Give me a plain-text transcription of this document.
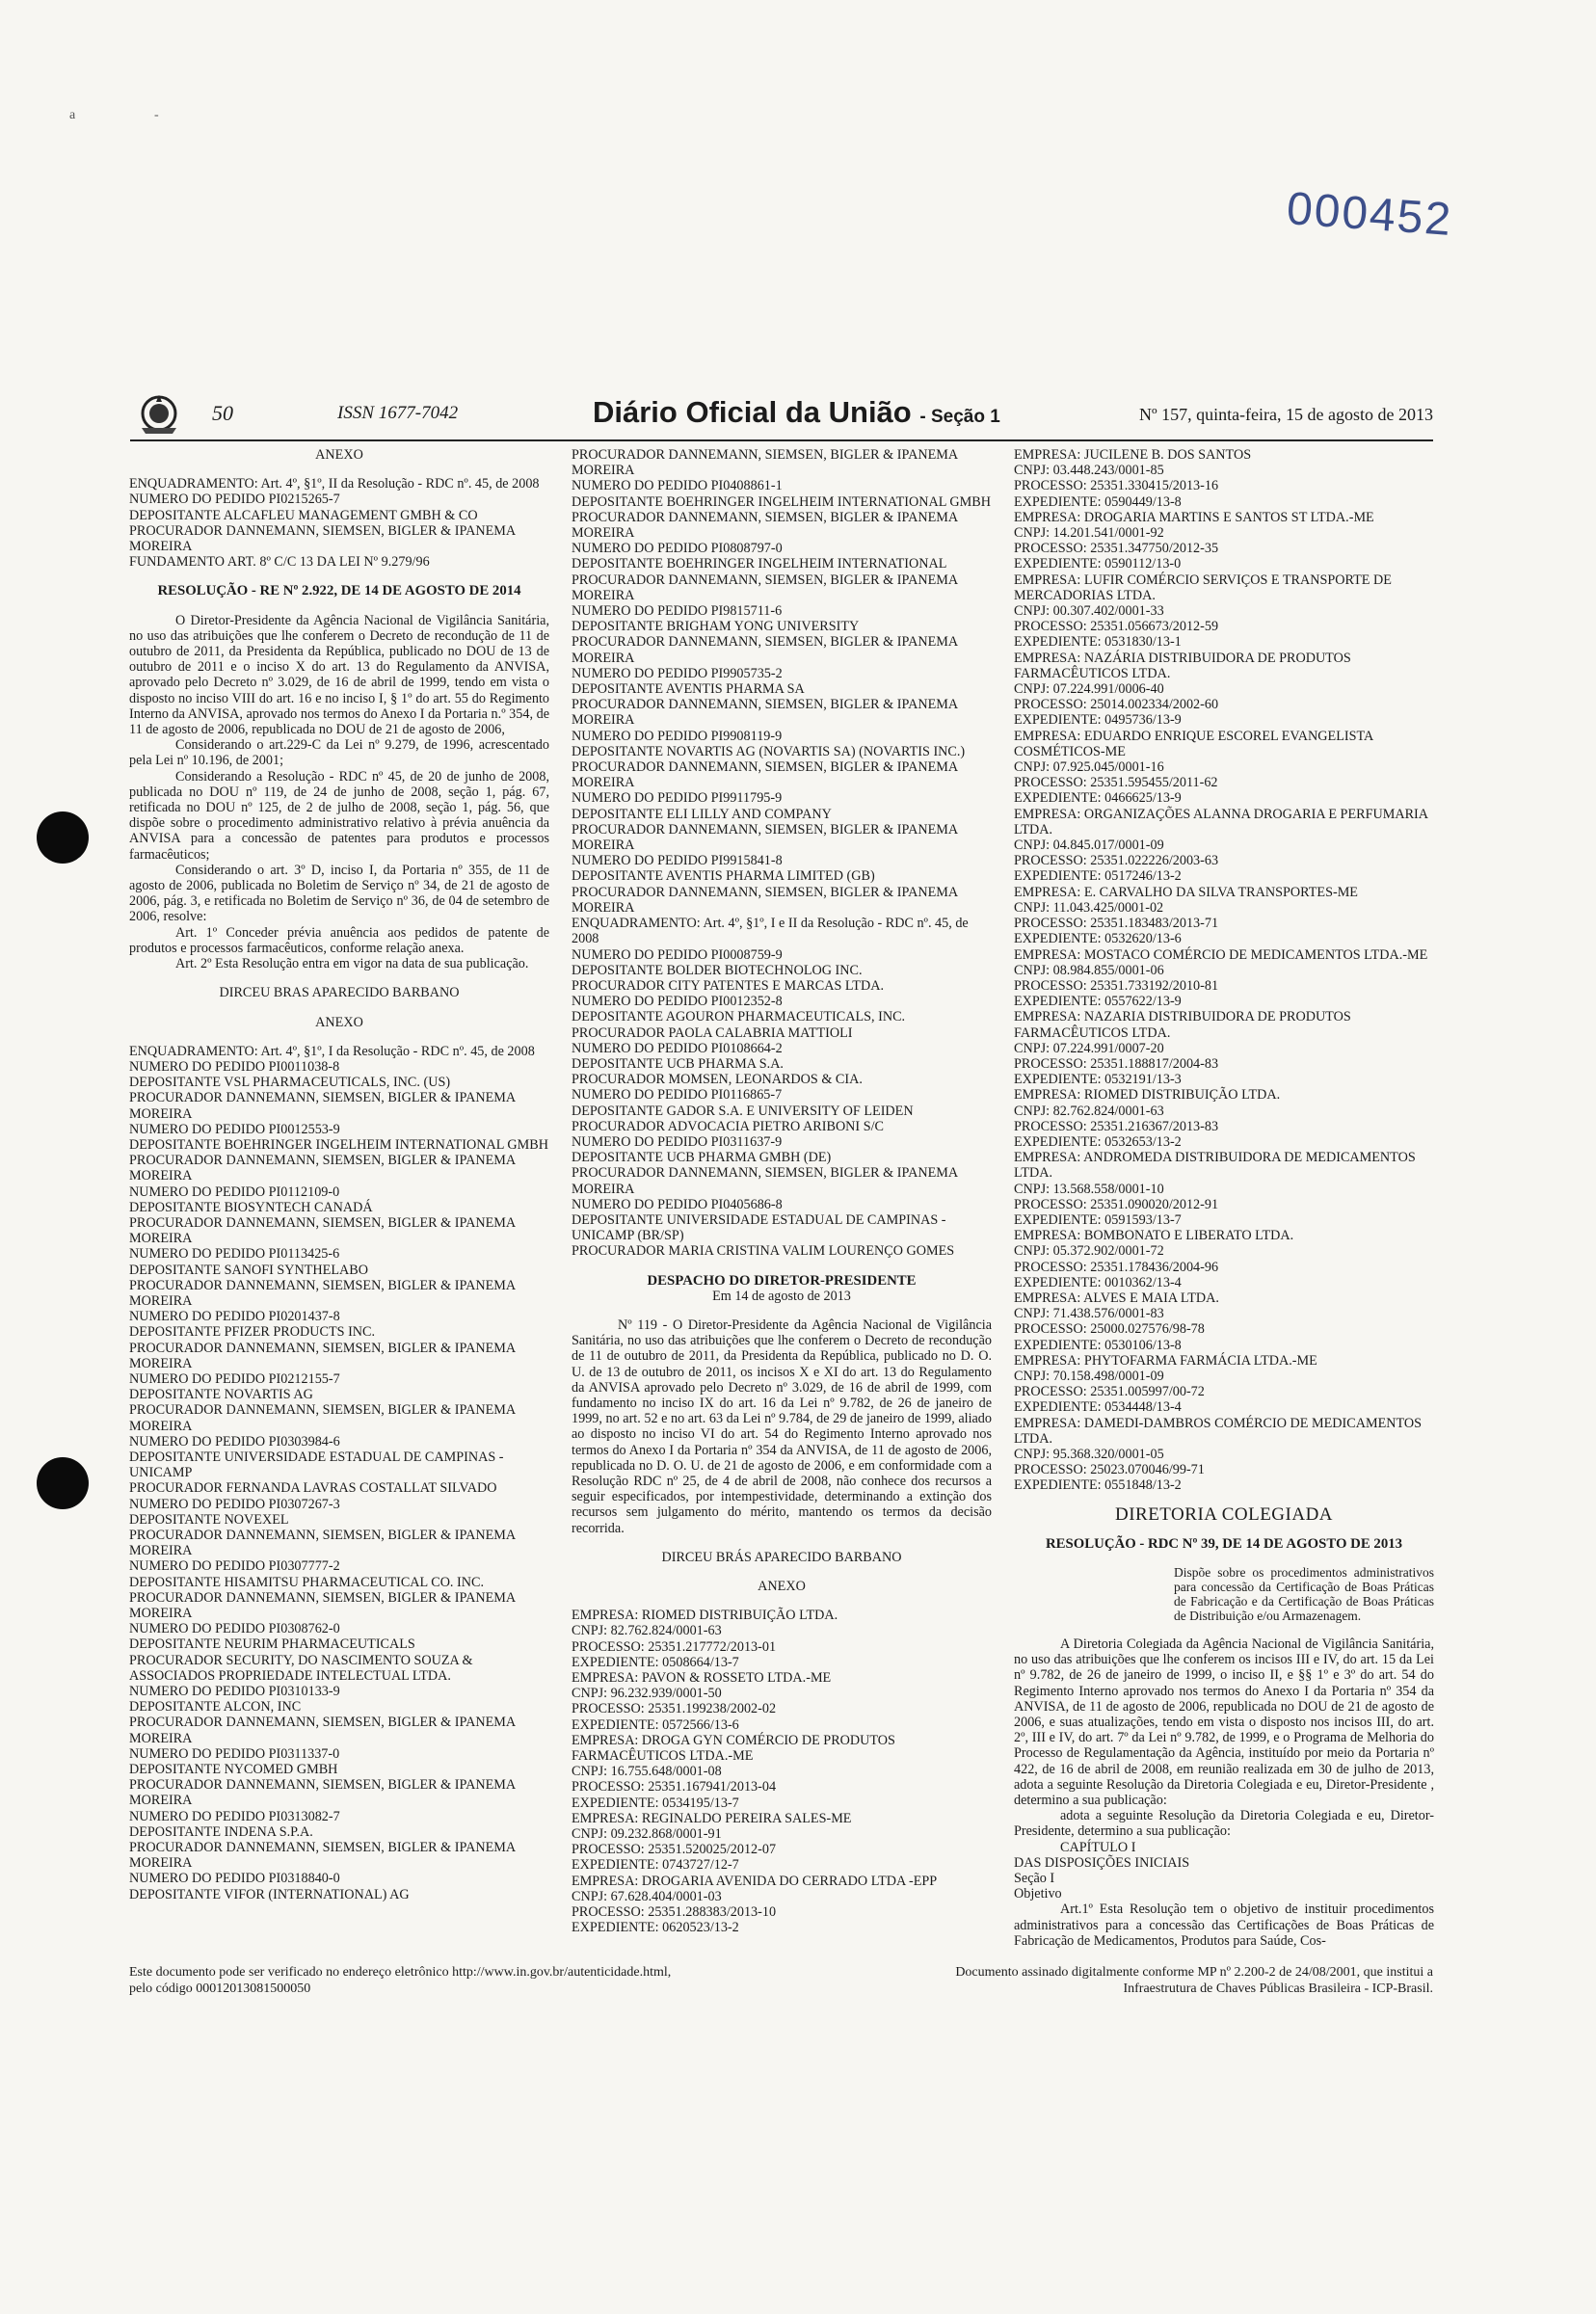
a	-
000452
50	ISSN 1677-7042	Diário Oficial da União - Seção 1	Nº 157, quinta-feira, 15 de agosto de 2013

ANEXO

ENQUADRAMENTO: Art. 4º, §1º, II da Resolução - RDC nº. 45, de 2008
NUMERO DO PEDIDO PI0215265-7
DEPOSITANTE ALCAFLEU MANAGEMENT GMBH & CO
PROCURADOR DANNEMANN, SIEMSEN, BIGLER & IPANEMA MOREIRA
FUNDAMENTO ART. 8º C/C 13 DA LEI Nº 9.279/96

RESOLUÇÃO - RE Nº 2.922, DE 14 DE AGOSTO DE 2014

O Diretor-Presidente da Agência Nacional de Vigilância Sanitária, no uso das atribuições que lhe conferem o Decreto de recondução de 11 de outubro de 2011, da Presidenta da República, publicado no DOU de 13 de outubro de 2011 e o inciso X do art. 13 do Regulamento da ANVISA, aprovado pelo Decreto nº 3.029, de 16 de abril de 1999, tendo em vista o disposto no inciso VIII do art. 16 e no inciso I, § 1º do art. 55 do Regimento Interno da ANVISA, aprovado nos termos do Anexo I da Portaria n.º 354, de 11 de agosto de 2006, republicada no DOU de 21 de agosto de 2006,

Considerando o art.229-C da Lei nº 9.279, de 1996, acrescentado pela Lei nº 10.196, de 2001;

Considerando a Resolução - RDC nº 45, de 20 de junho de 2008, publicada no DOU nº 119, de 24 de junho de 2008, seção 1, pág. 67, retificada no DOU nº 125, de 2 de julho de 2008, seção 1, pág. 56, que dispõe sobre o procedimento administrativo relativo à prévia anuência da ANVISA para a concessão de patentes para produtos e processos farmacêuticos;

Considerando o art. 3º D, inciso I, da Portaria nº 355, de 11 de agosto de 2006, publicada no Boletim de Serviço nº 34, de 21 de agosto de 2006, pág. 3, e retificada no Boletim de Serviço nº 36, de 04 de setembro de 2006, resolve:

Art. 1º Conceder prévia anuência aos pedidos de patente de produtos e processos farmacêuticos, conforme relação anexa.

Art. 2º Esta Resolução entra em vigor na data de sua publicação.

DIRCEU BRAS APARECIDO BARBANO

ANEXO

ENQUADRAMENTO: Art. 4º, §1º, I da Resolução - RDC nº. 45, de 2008
NUMERO DO PEDIDO PI0011038-8
DEPOSITANTE VSL PHARMACEUTICALS, INC. (US)
PROCURADOR DANNEMANN, SIEMSEN, BIGLER & IPANEMA MOREIRA
NUMERO DO PEDIDO PI0012553-9
DEPOSITANTE BOEHRINGER INGELHEIM INTERNATIONAL GMBH
PROCURADOR DANNEMANN, SIEMSEN, BIGLER & IPANEMA MOREIRA
NUMERO DO PEDIDO PI0112109-0
DEPOSITANTE BIOSYNTECH CANADÁ
PROCURADOR DANNEMANN, SIEMSEN, BIGLER & IPANEMA MOREIRA
NUMERO DO PEDIDO PI0113425-6
DEPOSITANTE SANOFI SYNTHELABO
PROCURADOR DANNEMANN, SIEMSEN, BIGLER & IPANEMA MOREIRA
NUMERO DO PEDIDO PI0201437-8
DEPOSITANTE PFIZER PRODUCTS INC.
PROCURADOR DANNEMANN, SIEMSEN, BIGLER & IPANEMA MOREIRA
NUMERO DO PEDIDO PI0212155-7
DEPOSITANTE NOVARTIS AG
PROCURADOR DANNEMANN, SIEMSEN, BIGLER & IPANEMA MOREIRA
NUMERO DO PEDIDO PI0303984-6
DEPOSITANTE UNIVERSIDADE ESTADUAL DE CAMPINAS - UNICAMP
PROCURADOR FERNANDA LAVRAS COSTALLAT SILVADO
NUMERO DO PEDIDO PI0307267-3
DEPOSITANTE NOVEXEL
PROCURADOR DANNEMANN, SIEMSEN, BIGLER & IPANEMA MOREIRA
NUMERO DO PEDIDO PI0307777-2
DEPOSITANTE HISAMITSU PHARMACEUTICAL CO. INC.
PROCURADOR DANNEMANN, SIEMSEN, BIGLER & IPANEMA MOREIRA
NUMERO DO PEDIDO PI0308762-0
DEPOSITANTE NEURIM PHARMACEUTICALS
PROCURADOR SECURITY, DO NASCIMENTO SOUZA & ASSOCIADOS PROPRIEDADE INTELECTUAL LTDA.
NUMERO DO PEDIDO PI0310133-9
DEPOSITANTE ALCON, INC
PROCURADOR DANNEMANN, SIEMSEN, BIGLER & IPANEMA MOREIRA
NUMERO DO PEDIDO PI0311337-0
DEPOSITANTE NYCOMED GMBH
PROCURADOR DANNEMANN, SIEMSEN, BIGLER & IPANEMA MOREIRA
NUMERO DO PEDIDO PI0313082-7
DEPOSITANTE INDENA S.P.A.
PROCURADOR DANNEMANN, SIEMSEN, BIGLER & IPANEMA MOREIRA
NUMERO DO PEDIDO PI0318840-0
DEPOSITANTE VIFOR (INTERNATIONAL) AG

PROCURADOR DANNEMANN, SIEMSEN, BIGLER & IPANEMA MOREIRA
NUMERO DO PEDIDO PI0408861-1
DEPOSITANTE BOEHRINGER INGELHEIM INTERNATIONAL GMBH
PROCURADOR DANNEMANN, SIEMSEN, BIGLER & IPANEMA MOREIRA
NUMERO DO PEDIDO PI0808797-0
DEPOSITANTE BOEHRINGER INGELHEIM INTERNATIONAL
PROCURADOR DANNEMANN, SIEMSEN, BIGLER & IPANEMA MOREIRA
NUMERO DO PEDIDO PI9815711-6
DEPOSITANTE BRIGHAM YONG UNIVERSITY
PROCURADOR DANNEMANN, SIEMSEN, BIGLER & IPANEMA MOREIRA
NUMERO DO PEDIDO PI9905735-2
DEPOSITANTE AVENTIS PHARMA SA
PROCURADOR DANNEMANN, SIEMSEN, BIGLER & IPANEMA MOREIRA
NUMERO DO PEDIDO PI9908119-9
DEPOSITANTE NOVARTIS AG (NOVARTIS SA) (NOVARTIS INC.)
PROCURADOR DANNEMANN, SIEMSEN, BIGLER & IPANEMA MOREIRA
NUMERO DO PEDIDO PI9911795-9
DEPOSITANTE ELI LILLY AND COMPANY
PROCURADOR DANNEMANN, SIEMSEN, BIGLER & IPANEMA MOREIRA
NUMERO DO PEDIDO PI9915841-8
DEPOSITANTE AVENTIS PHARMA LIMITED (GB)
PROCURADOR DANNEMANN, SIEMSEN, BIGLER & IPANEMA MOREIRA
ENQUADRAMENTO: Art. 4º, §1º, I e II da Resolução - RDC nº. 45, de 2008
NUMERO DO PEDIDO PI0008759-9
DEPOSITANTE BOLDER BIOTECHNOLOG INC.
PROCURADOR CITY PATENTES E MARCAS LTDA.
NUMERO DO PEDIDO PI0012352-8
DEPOSITANTE AGOURON PHARMACEUTICALS, INC.
PROCURADOR PAOLA CALABRIA MATTIOLI
NUMERO DO PEDIDO PI0108664-2
DEPOSITANTE UCB PHARMA S.A.
PROCURADOR MOMSEN, LEONARDOS & CIA.
NUMERO DO PEDIDO PI0116865-7
DEPOSITANTE GADOR S.A. E UNIVERSITY OF LEIDEN
PROCURADOR ADVOCACIA PIETRO ARIBONI S/C
NUMERO DO PEDIDO PI0311637-9
DEPOSITANTE UCB PHARMA GMBH (DE)
PROCURADOR DANNEMANN, SIEMSEN, BIGLER & IPANEMA MOREIRA
NUMERO DO PEDIDO PI0405686-8
DEPOSITANTE UNIVERSIDADE ESTADUAL DE CAMPINAS - UNICAMP (BR/SP)
PROCURADOR MARIA CRISTINA VALIM LOURENÇO GOMES

DESPACHO DO DIRETOR-PRESIDENTE

Em 14 de agosto de 2013

Nº 119 - O Diretor-Presidente da Agência Nacional de Vigilância Sanitária, no uso das atribuições que lhe conferem o Decreto de recondução de 11 de outubro de 2011, da Presidenta da República, publicado no D. O. U. de 13 de outubro de 2011, os incisos X e XI do art. 13 do Regulamento da ANVISA aprovado pelo Decreto nº 3.029, de 16 de abril de 1999, com fundamento no inciso IX do art. 16 da Lei nº 9.782, de 26 de janeiro de 1999, no art. 52 e no art. 63 da Lei nº 9.784, de 29 de janeiro de 1999, aliado ao disposto no inciso VI do art. 54 do Regimento Interno aprovado nos termos do Anexo I da Portaria nº 354 da ANVISA, de 11 de agosto de 2006, republicada no D. O. U. de 21 de agosto de 2006, e em conformidade com a Resolução RDC nº 25, de 4 de abril de 2008, não conhece dos recursos a seguir especificados, por intempestividade, determinando a extinção dos recursos sem julgamento do mérito, mantendo os termos da decisão recorrida.

DIRCEU BRÁS APARECIDO BARBANO

ANEXO

EMPRESA: RIOMED DISTRIBUIÇÃO LTDA.
CNPJ: 82.762.824/0001-63
PROCESSO: 25351.217772/2013-01
EXPEDIENTE: 0508664/13-7
EMPRESA: PAVON & ROSSETO LTDA.-ME
CNPJ: 96.232.939/0001-50
PROCESSO: 25351.199238/2002-02
EXPEDIENTE: 0572566/13-6
EMPRESA: DROGA GYN COMÉRCIO DE PRODUTOS FARMACÊUTICOS LTDA.-ME
CNPJ: 16.755.648/0001-08
PROCESSO: 25351.167941/2013-04
EXPEDIENTE: 0534195/13-7
EMPRESA: REGINALDO PEREIRA SALES-ME
CNPJ: 09.232.868/0001-91
PROCESSO: 25351.520025/2012-07
EXPEDIENTE: 0743727/12-7
EMPRESA: DROGARIA AVENIDA DO CERRADO LTDA -EPP
CNPJ: 67.628.404/0001-03
PROCESSO: 25351.288383/2013-10
EXPEDIENTE: 0620523/13-2

EMPRESA: JUCILENE B. DOS SANTOS
CNPJ: 03.448.243/0001-85
PROCESSO: 25351.330415/2013-16
EXPEDIENTE: 0590449/13-8
EMPRESA: DROGARIA MARTINS E SANTOS ST LTDA.-ME
CNPJ: 14.201.541/0001-92
PROCESSO: 25351.347750/2012-35
EXPEDIENTE: 0590112/13-0
EMPRESA: LUFIR COMÉRCIO SERVIÇOS E TRANSPORTE DE MERCADORIAS LTDA.
CNPJ: 00.307.402/0001-33
PROCESSO: 25351.056673/2012-59
EXPEDIENTE: 0531830/13-1
EMPRESA: NAZÁRIA DISTRIBUIDORA DE PRODUTOS FARMACÊUTICOS LTDA.
CNPJ: 07.224.991/0006-40
PROCESSO: 25014.002334/2002-60
EXPEDIENTE: 0495736/13-9
EMPRESA: EDUARDO ENRIQUE ESCOREL EVANGELISTA COSMÉTICOS-ME
CNPJ: 07.925.045/0001-16
PROCESSO: 25351.595455/2011-62
EXPEDIENTE: 0466625/13-9
EMPRESA: ORGANIZAÇÕES ALANNA DROGARIA E PERFUMARIA LTDA.
CNPJ: 04.845.017/0001-09
PROCESSO: 25351.022226/2003-63
EXPEDIENTE: 0517246/13-2
EMPRESA: E. CARVALHO DA SILVA TRANSPORTES-ME
CNPJ: 11.043.425/0001-02
PROCESSO: 25351.183483/2013-71
EXPEDIENTE: 0532620/13-6
EMPRESA: MOSTACO COMÉRCIO DE MEDICAMENTOS LTDA.-ME
CNPJ: 08.984.855/0001-06
PROCESSO: 25351.733192/2010-81
EXPEDIENTE: 0557622/13-9
EMPRESA: NAZARIA DISTRIBUIDORA DE PRODUTOS FARMACÊUTICOS LTDA.
CNPJ: 07.224.991/0007-20
PROCESSO: 25351.188817/2004-83
EXPEDIENTE: 0532191/13-3
EMPRESA: RIOMED DISTRIBUIÇÃO LTDA.
CNPJ: 82.762.824/0001-63
PROCESSO: 25351.216367/2013-83
EXPEDIENTE: 0532653/13-2
EMPRESA: ANDROMEDA DISTRIBUIDORA DE MEDICAMENTOS LTDA.
CNPJ: 13.568.558/0001-10
PROCESSO: 25351.090020/2012-91
EXPEDIENTE: 0591593/13-7
EMPRESA: BOMBONATO E LIBERATO LTDA.
CNPJ: 05.372.902/0001-72
PROCESSO: 25351.178436/2004-96
EXPEDIENTE: 0010362/13-4
EMPRESA: ALVES E MAIA LTDA.
CNPJ: 71.438.576/0001-83
PROCESSO: 25000.027576/98-78
EXPEDIENTE: 0530106/13-8
EMPRESA: PHYTOFARMA FARMÁCIA LTDA.-ME
CNPJ: 70.158.498/0001-09
PROCESSO: 25351.005997/00-72
EXPEDIENTE: 0534448/13-4
EMPRESA: DAMEDI-DAMBROS COMÉRCIO DE MEDICAMENTOS LTDA.
CNPJ: 95.368.320/0001-05
PROCESSO: 25023.070046/99-71
EXPEDIENTE: 0551848/13-2

DIRETORIA COLEGIADA

RESOLUÇÃO - RDC Nº 39, DE 14 DE AGOSTO DE 2013

Dispõe sobre os procedimentos administrativos para concessão da Certificação de Boas Práticas de Fabricação e da Certificação de Boas Práticas de Distribuição e/ou Armazenagem.

A Diretoria Colegiada da Agência Nacional de Vigilância Sanitária, no uso das atribuições que lhe conferem os incisos III e IV, do art. 15 da Lei nº 9.782, de 26 de janeiro de 1999, o inciso II, e §§ 1º e 3º do art. 54 do Regimento Interno aprovado nos termos do Anexo I da Portaria nº 354 da ANVISA, de 11 de agosto de 2006, republicada no DOU de 21 de agosto de 2006, e suas atualizações, tendo em vista o disposto nos incisos III, do art. 2º, III e IV, do art. 7º da Lei nº 9.782, de 1999, e o Programa de Melhoria do Processo de Regulamentação da Agência, instituído por meio da Portaria nº 422, de 16 de abril de 2008, em reunião realizada em 30 de julho de 2013, adota a seguinte Resolução da Diretoria Colegiada e eu, Diretor-Presidente , determino a sua publicação:

adota a seguinte Resolução da Diretoria Colegiada e eu, Diretor-Presidente, determino a sua publicação:

CAPÍTULO I
DAS DISPOSIÇÕES INICIAIS
Seção I
Objetivo

Art.1º Esta Resolução tem o objetivo de instituir procedimentos administrativos para a concessão das Certificações de Boas Práticas de Fabricação de Medicamentos, Produtos para Saúde, Cos-

Este documento pode ser verificado no endereço eletrônico http://www.in.gov.br/autenticidade.html,
pelo código 00012013081500050

Documento assinado digitalmente conforme MP nº 2.200-2 de 24/08/2001, que institui a
Infraestrutura de Chaves Públicas Brasileira - ICP-Brasil.
